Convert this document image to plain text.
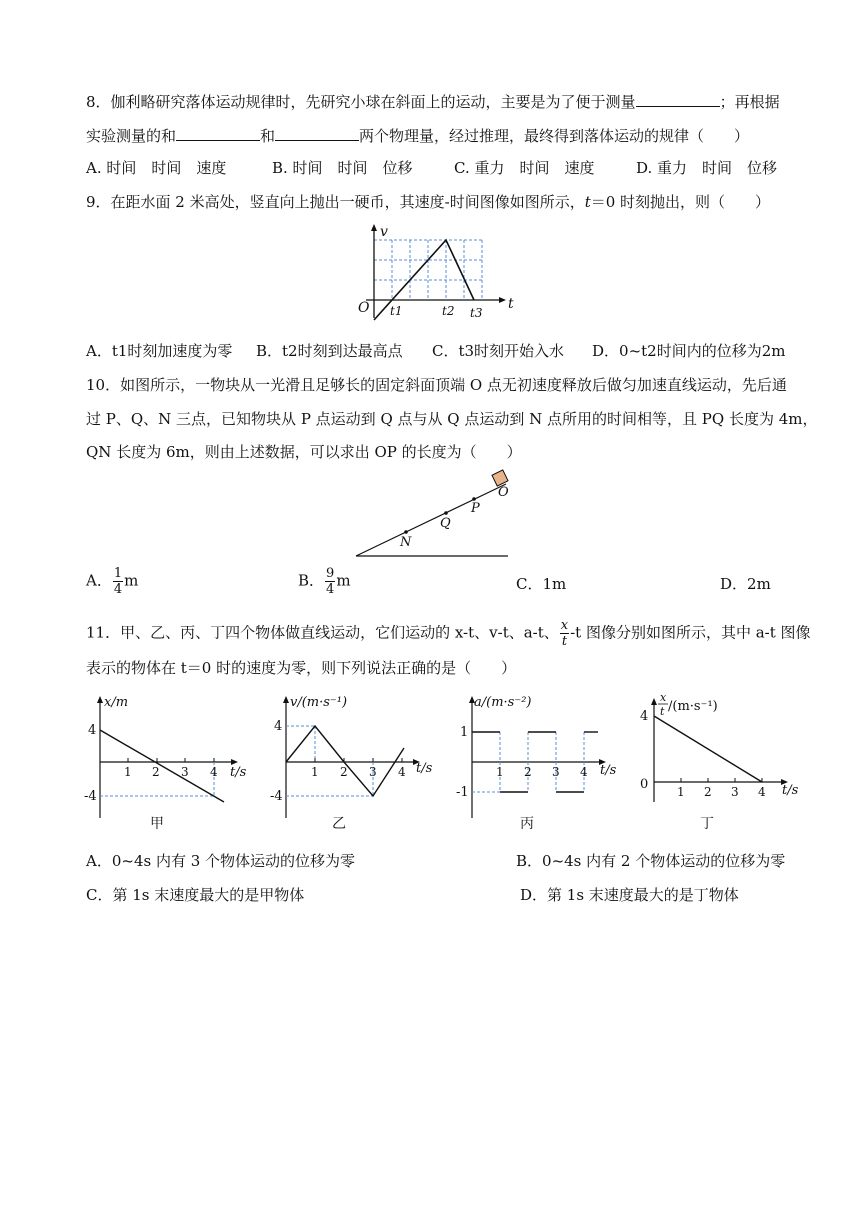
8．伽利略研究落体运动规律时，先研究小球在斜面上的运动，主要是为了便于测量	；再根据
实验测量的和	和	两个物理量，经过推理，最终得到落体运动的规律（　　）
A. 时间　时间　速度	B. 时间　时间　位移	C. 重力　时间　速度	D. 重力　时间　位移
9．在距水面 2 米高处，竖直向上抛出一硬币，其速度-时间图像如图所示，t＝0 时刻抛出，则（　　）
v
t
O t1	t2 t3
A．t1时刻加速度为零 B．t2时刻到达最高点 C．t3时刻开始入水 D．0~t2时间内的位移为2m
10．如图所示，一物块从一光滑且足够长的固定斜面顶端 O 点无初速度释放后做匀加速直线运动，先后通
过 P、Q、N 三点，已知物块从 P 点运动到 Q 点与从 Q 点运动到 N 点所用的时间相等，且 PQ 长度为 4m，
QN 长度为 6m，则由上述数据，可以求出 OP 的长度为（　　）
O
P
Q
N
A． $\frac{1}{4}$ m	B． $\frac{9}{4}$ m	C．1m	D．2m
11．甲、乙、丙、丁四个物体做直线运动，它们运动的 x-t、v-t、a-t、 $\frac{x}{t} -t$ 图像分别如图所示，其中 a-t 图像
表示的物体在 t＝0 时的速度为零，则下列说法正确的是（　　）
x/m
t/s
4
-4
1 2 3 4
甲
v/(m·s⁻¹)
t/s
4
-4
1 2 3 4
乙
a/(m·s⁻²)
t/s
1
-1
1 2 3 4
丙
x
t /(m·s⁻¹)
t/s
4
0 1 2 3 4
丁
A．0~4s 内有 3 个物体运动的位移为零	B．0~4s 内有 2 个物体运动的位移为零
C．第 1s 末速度最大的是甲物体	D．第 1s 末速度最大的是丁物体
